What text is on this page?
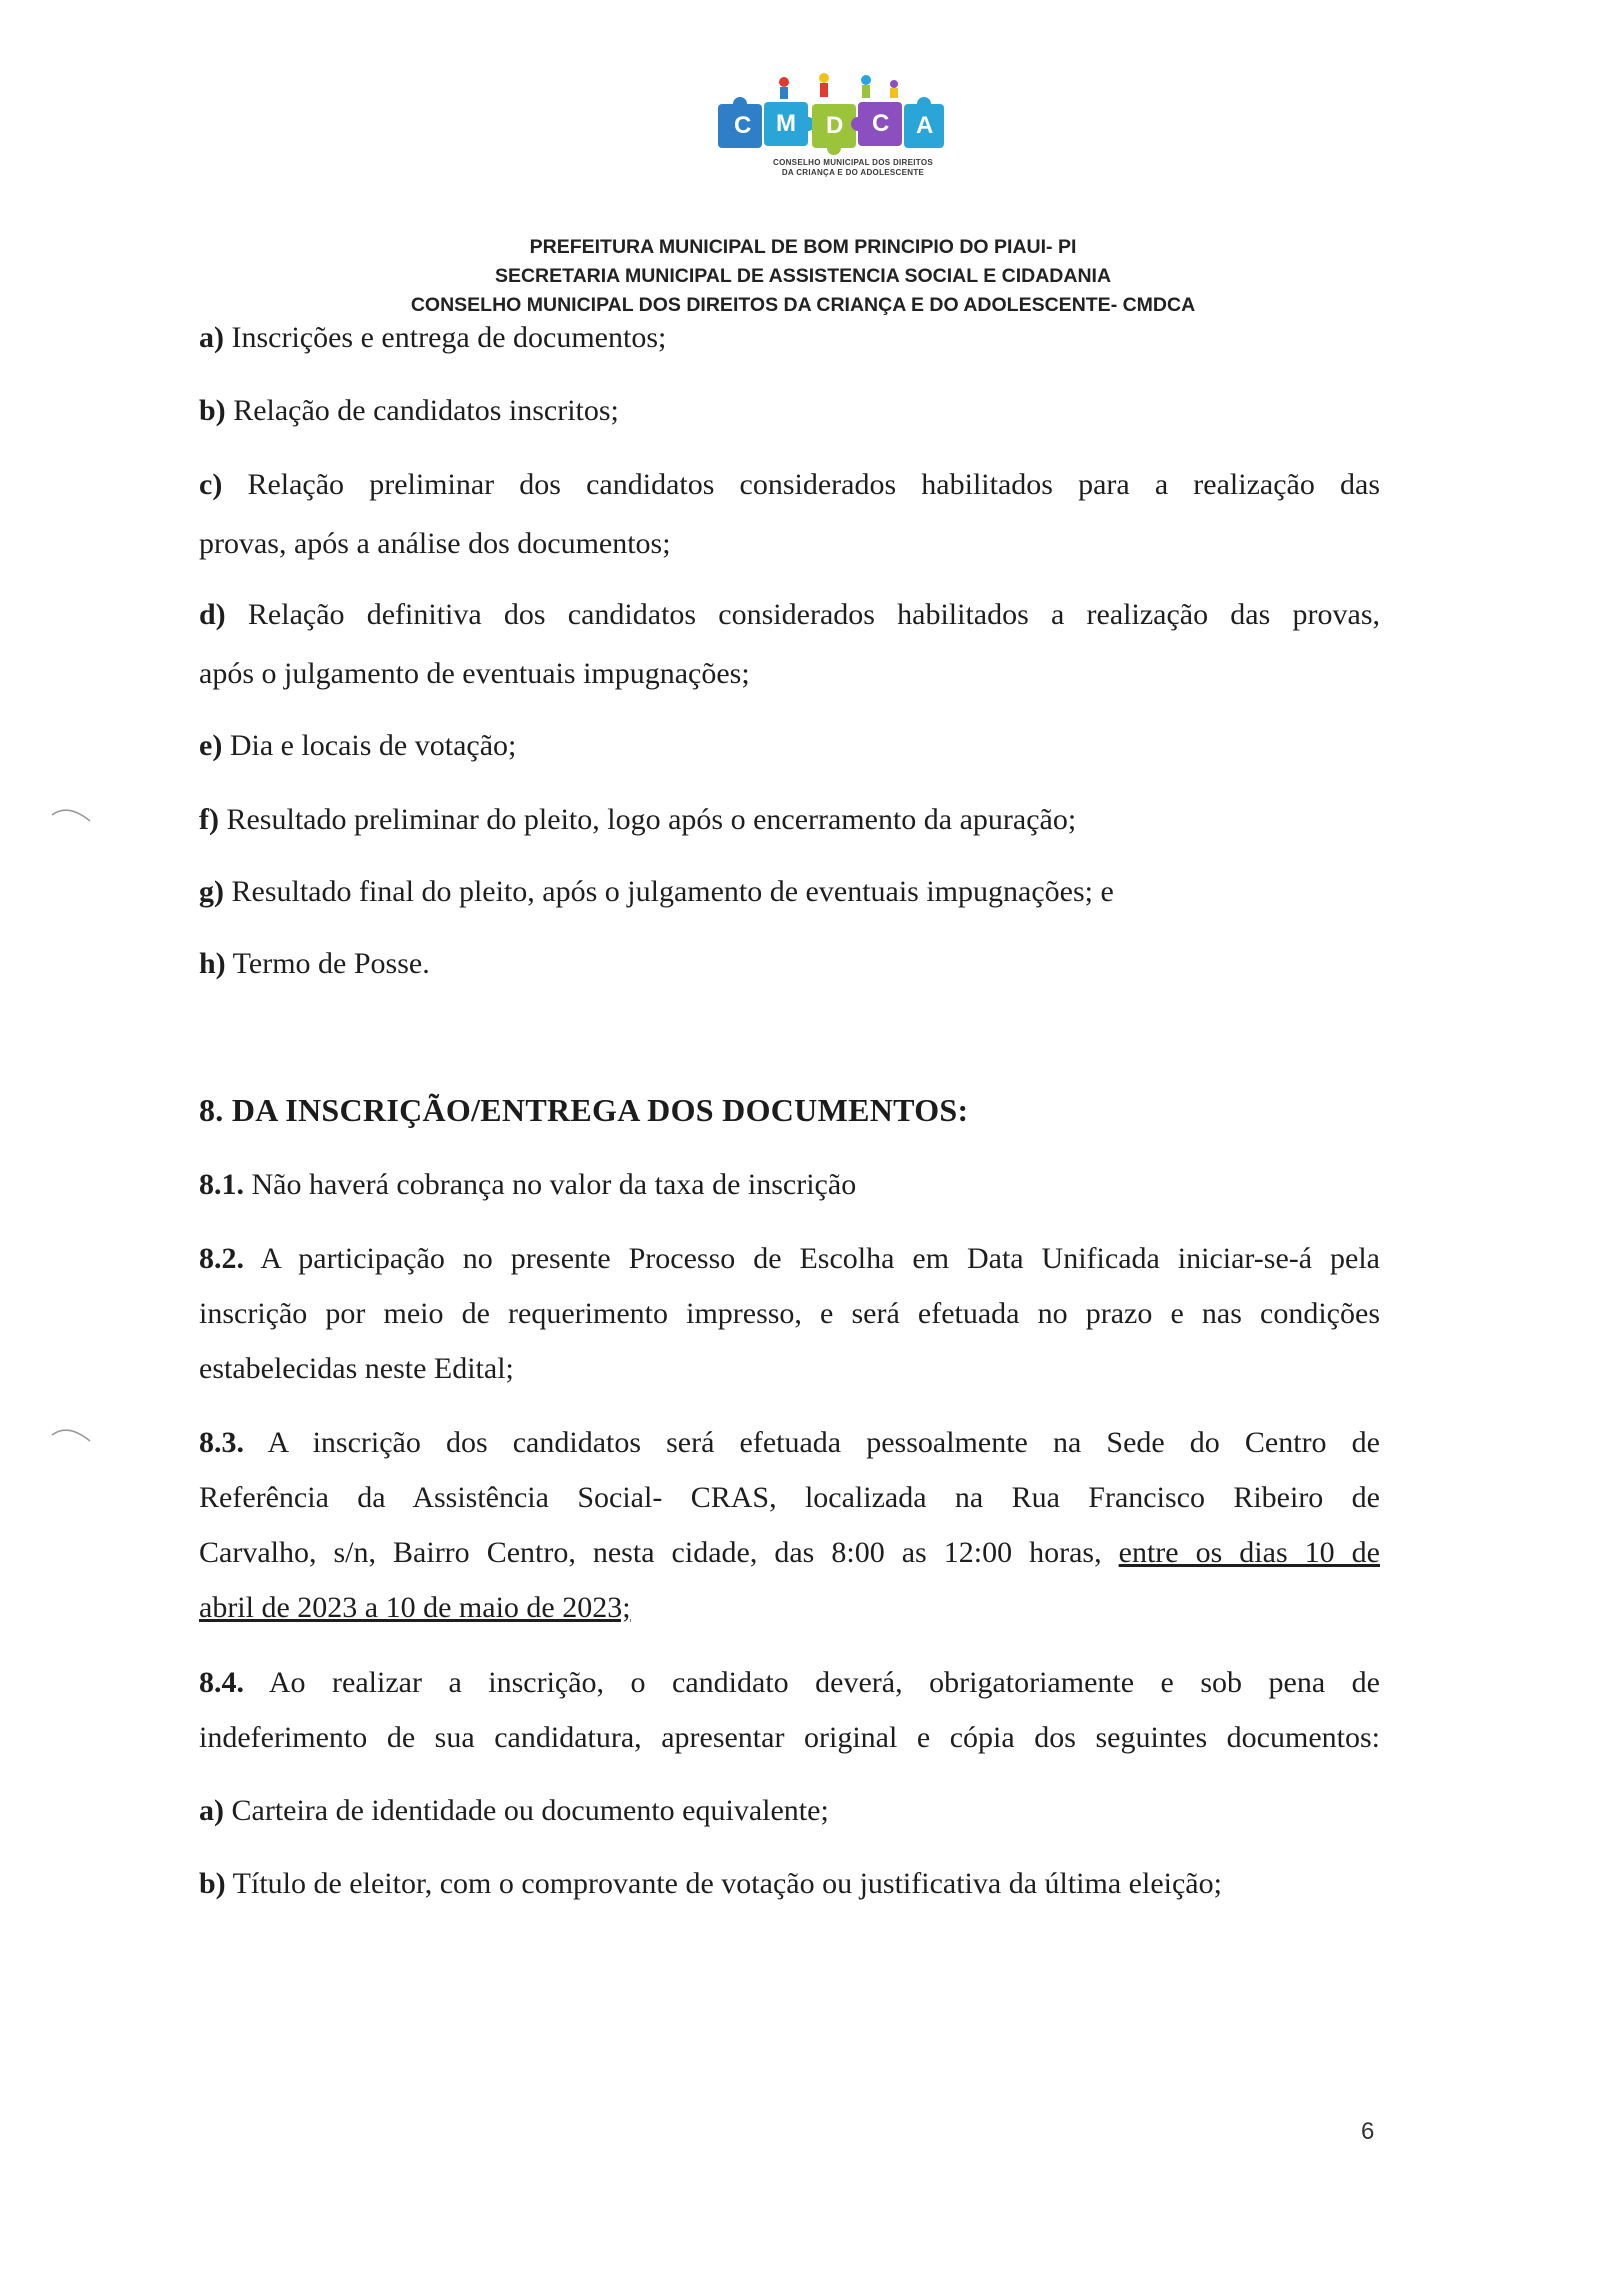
C M D C A
CONSELHO MUNICIPAL DOS DIREITOS
DA CRIANÇA E DO ADOLESCENTE
PREFEITURA MUNICIPAL DE BOM PRINCIPIO DO PIAUI- PI
SECRETARIA MUNICIPAL DE ASSISTENCIA SOCIAL E CIDADANIA
CONSELHO MUNICIPAL DOS DIREITOS DA CRIANÇA E DO ADOLESCENTE- CMDCA
a) Inscrições e entrega de documentos;
b) Relação de candidatos inscritos;
c) Relação preliminar dos candidatos considerados habilitados para a realização das
provas, após a análise dos documentos;
d) Relação definitiva dos candidatos considerados habilitados a realização das provas,
após o julgamento de eventuais impugnações;
e) Dia e locais de votação;
f) Resultado preliminar do pleito, logo após o encerramento da apuração;
g) Resultado final do pleito, após o julgamento de eventuais impugnações; e
h) Termo de Posse.
8. DA INSCRIÇÃO/ENTREGA DOS DOCUMENTOS:
8.1. Não haverá cobrança no valor da taxa de inscrição
8.2. A participação no presente Processo de Escolha em Data Unificada iniciar-se-á pela
inscrição por meio de requerimento impresso, e será efetuada no prazo e nas condições
estabelecidas neste Edital;
8.3. A inscrição dos candidatos será efetuada pessoalmente na Sede do Centro de
Referência da Assistência Social- CRAS, localizada na Rua Francisco Ribeiro de
Carvalho, s/n, Bairro Centro, nesta cidade, das 8:00 as 12:00 horas, entre os dias 10 de
abril de 2023 a 10 de maio de 2023;
8.4. Ao realizar a inscrição, o candidato deverá, obrigatoriamente e sob pena de
indeferimento de sua candidatura, apresentar original e cópia dos seguintes documentos:
a) Carteira de identidade ou documento equivalente;
b) Título de eleitor, com o comprovante de votação ou justificativa da última eleição;
6
